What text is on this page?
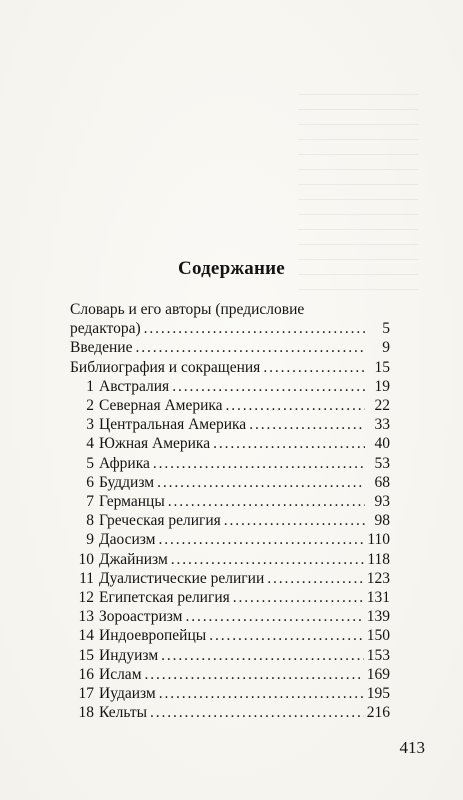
Содержание
Словарь и его авторы (предисловие
редактора) . . .	5
Введение . . .	9
Библиография и сокращения . . .	15
1 Австралия . . .	19
2 Северная Америка . . .	22
3 Центральная Америка . . .	33
4 Южная Америка . . .	40
5 Африка . . .	53
6 Буддизм . . .	68
7 Германцы . . .	93
8 Греческая религия . . .	98
9 Даосизм . . .	110
10 Джайнизм . . .	118
11 Дуалистические религии . . .	123
12 Египетская религия . . .	131
13 Зороастризм . . .	139
14 Индоевропейцы . . .	150
15 Индуизм . . .	153
16 Ислам . . .	169
17 Иудаизм . . .	195
18 Кельты . . .	216
413
